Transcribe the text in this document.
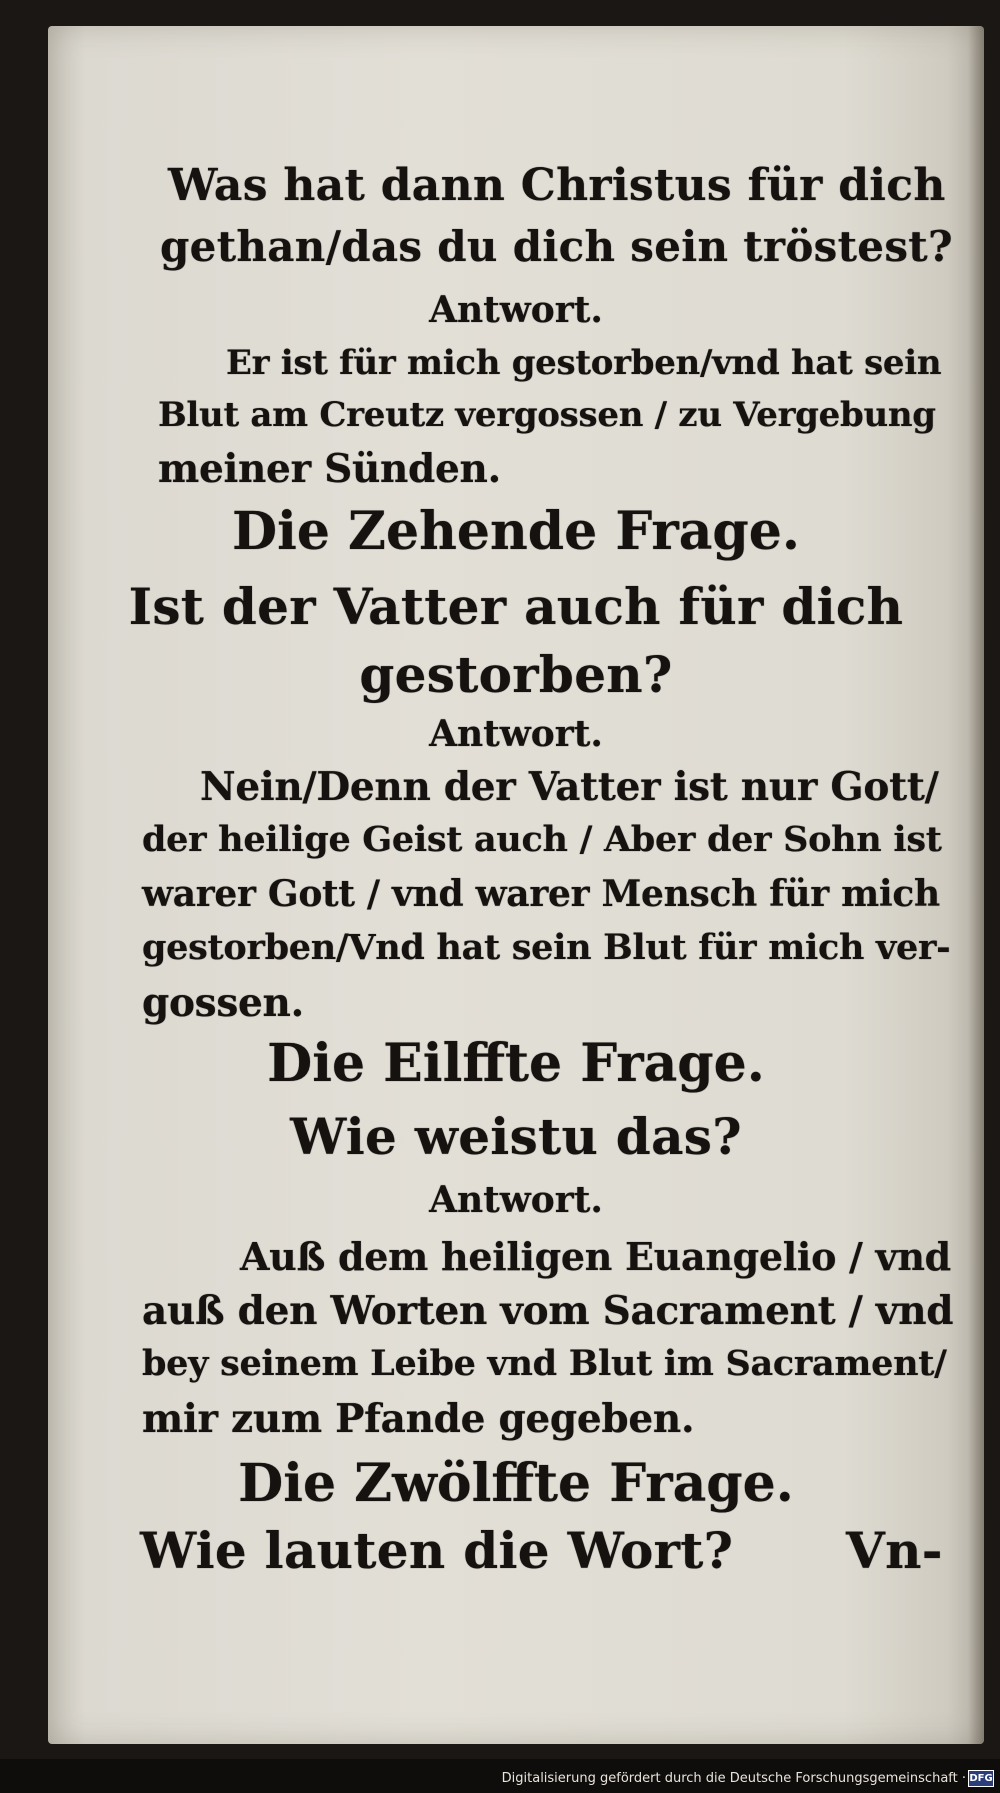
Was hat dann Christus für dich
gethan/das du dich sein tröstest?
Antwort.
Er ist für mich gestorben/vnd hat sein
Blut am Creutz vergossen / zu Vergebung
meiner Sünden.
Die Zehende Frage.
Ist der Vatter auch für dich
gestorben?
Antwort.
Nein/Denn der Vatter ist nur Gott/
der heilige Geist auch / Aber der Sohn ist
warer Gott / vnd warer Mensch für mich
gestorben/Vnd hat sein Blut für mich ver-
gossen.
Die Eilffte Frage.
Wie weistu das?
Antwort.
Auß dem heiligen Euangelio / vnd
auß den Worten vom Sacrament / vnd
bey seinem Leibe vnd Blut im Sacrament/
mir zum Pfande gegeben.
Die Zwölffte Frage.
Wie lauten die Wort? Vn-
Digitalisierung gefördert durch die Deutsche Forschungsgemeinschaft · DFG
